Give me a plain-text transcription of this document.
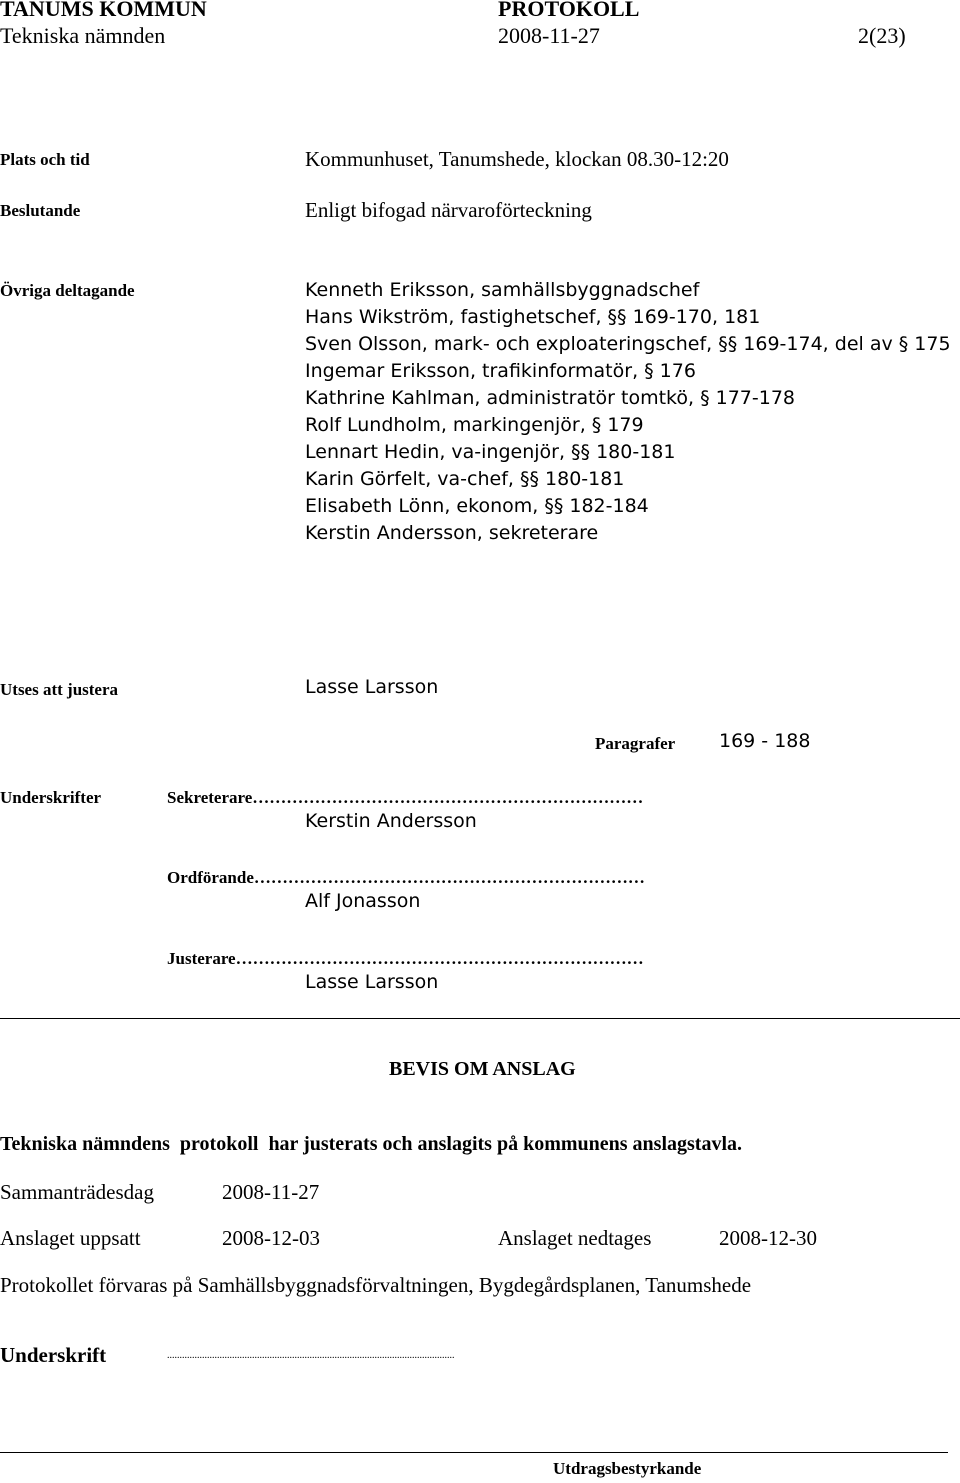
TANUMS KOMMUN	PROTOKOLL
Tekniska nämnden	2008-11-27	2(23)
Plats och tid	Kommunhuset, Tanumshede, klockan 08.30-12:20
Beslutande	Enligt bifogad närvaroförteckning
Övriga deltagande	Kenneth Eriksson, samhällsbyggnadschef
Hans Wikström, fastighetschef, §§ 169-170, 181
Sven Olsson, mark- och exploateringschef, §§ 169-174, del av § 175
Ingemar Eriksson, trafikinformatör, § 176
Kathrine Kahlman, administratör tomtkö, § 177-178
Rolf Lundholm, markingenjör, § 179
Lennart Hedin, va-ingenjör, §§ 180-181
Karin Görfelt, va-chef, §§ 180-181
Elisabeth Lönn, ekonom, §§ 182-184
Kerstin Andersson, sekreterare
Utses att justera	Lasse Larsson
Paragrafer 169 - 188
Underskrifter	Sekreterare……………………………………………………………
Kerstin Andersson
Ordförande……………………………………………………………
Alf Jonasson
Justerare………………………………………………………………
Lasse Larsson
BEVIS OM ANSLAG
Tekniska nämndens  protokoll  har justerats och anslagits på kommunens anslagstavla.
Sammanträdesdag	2008-11-27
Anslaget uppsatt	2008-12-03	Anslaget nedtages	2008-12-30
Protokollet förvaras på Samhällsbyggnadsförvaltningen, Bygdegårdsplanen, Tanumshede
Underskrift	...................................................................................................................
Utdragsbestyrkande
